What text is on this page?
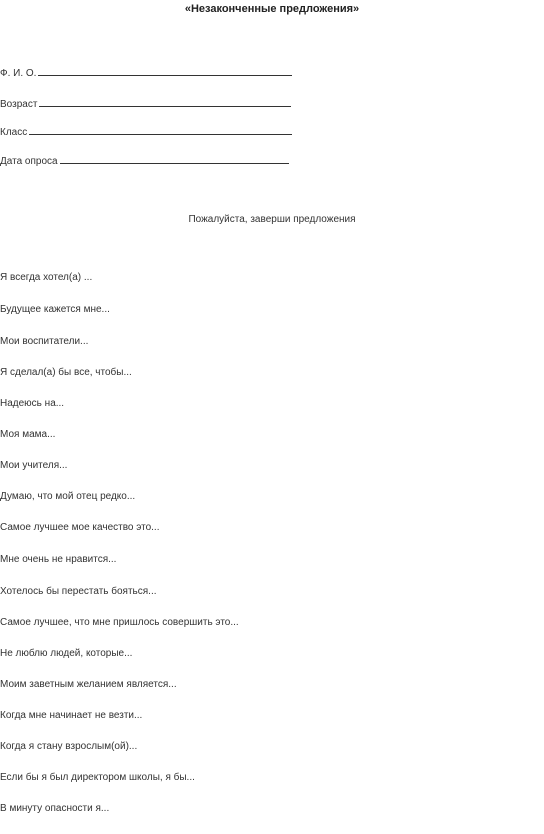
«Незаконченные предложения»
Ф. И. О.
Возраст
Класс
Дата опроса
Пожалуйста, заверши предложения
Я всегда хотел(а) ...
Будущее кажется мне...
Мои воспитатели...
Я сделал(а) бы все, чтобы...
Надеюсь на...
Моя мама...
Мои учителя...
Думаю, что мой отец редко...
Самое лучшее мое качество это...
Мне очень не нравится...
Хотелось бы перестать бояться...
Самое лучшее, что мне пришлось совершить это...
Не люблю людей, которые...
Моим заветным желанием является...
Когда мне начинает не везти...
Когда я стану взрослым(ой)...
Если бы я был директором школы, я бы...
В минуту опасности я...
